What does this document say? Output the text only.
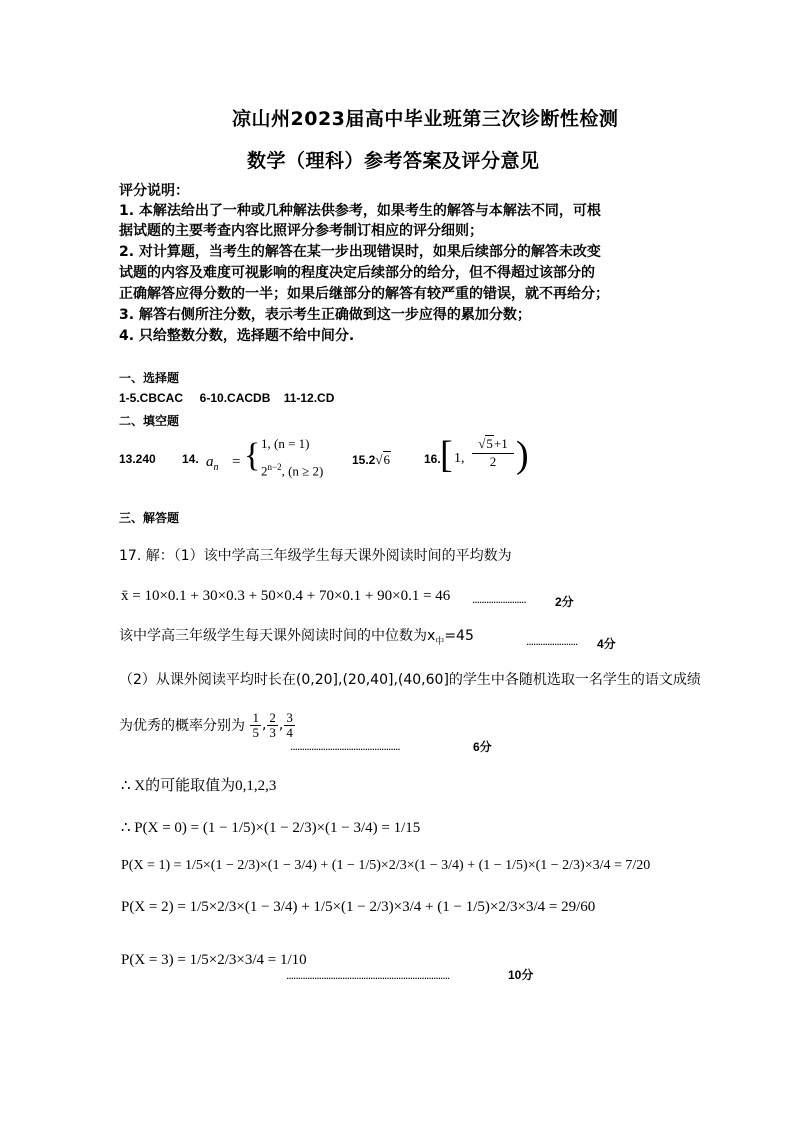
凉山州2023届高中毕业班第三次诊断性检测
数学（理科）参考答案及评分意见
评分说明：
1. 本解法给出了一种或几种解法供参考，如果考生的解答与本解法不同，可根
据试题的主要考查内容比照评分参考制订相应的评分细则；
2. 对计算题，当考生的解答在某一步出现错误时，如果后续部分的解答未改变
试题的内容及难度可视影响的程度决定后续部分的给分，但不得超过该部分的
正确解答应得分数的一半；如果后继部分的解答有较严重的错误，就不再给分；
3. 解答右侧所注分数，表示考生正确做到这一步应得的累加分数；
4. 只给整数分数，选择题不给中间分.
一、选择题
1-5.CBCAC     6-10.CACDB    11-12.CD
二、填空题
13.240 14. $a_n$ = { 1, (n = 1)
$2^{n-2}$, (n ≥ 2)
15.2√6	16. [ 1,
√5+1
2 )
三、解答题
17. 解：（1）该中学高三年级学生每天课外阅读时间的平均数为
x̄ = 10×0.1 + 30×0.3 + 50×0.4 + 70×0.1 + 90×0.1 = 46 ....................... 2分
该中学高三年级学生每天课外阅读时间的中位数为$x_中=45$	...................... 4分
（2）从课外阅读平均时长在(0,20],(20,40],(40,60]的学生中各随机选取一名学生的语文成绩
为优秀的概率分别为 $\frac{1}{5}$ , $\frac{2}{3}$ , $\frac{3}{4}$
...............................................	6分
∴ X的可能取值为0,1,2,3
∴ P(X = 0) = (1 − 1/5)×(1 − 2/3)×(1 − 3/4) = 1/15
P(X = 1) = 1/5×(1 − 2/3)×(1 − 3/4) + (1 − 1/5)×2/3×(1 − 3/4) + (1 − 1/5)×(1 − 2/3)×3/4 = 7/20
P(X = 2) = 1/5×2/3×(1 − 3/4) + 1/5×(1 − 2/3)×3/4 + (1 − 1/5)×2/3×3/4 = 29/60
P(X = 3) = 1/5×2/3×3/4 = 1/10
......................................................................	10分
